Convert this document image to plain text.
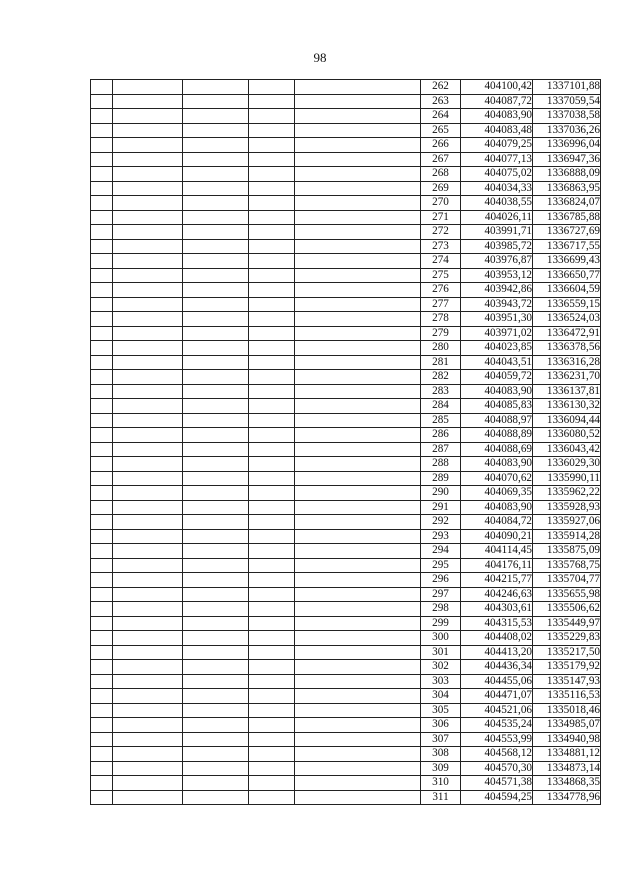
98
					262	404100,42	1337101,88
					263	404087,72	1337059,54
					264	404083,90	1337038,58
					265	404083,48	1337036,26
					266	404079,25	1336996,04
					267	404077,13	1336947,36
					268	404075,02	1336888,09
					269	404034,33	1336863,95
					270	404038,55	1336824,07
					271	404026,11	1336785,88
					272	403991,71	1336727,69
					273	403985,72	1336717,55
					274	403976,87	1336699,43
					275	403953,12	1336650,77
					276	403942,86	1336604,59
					277	403943,72	1336559,15
					278	403951,30	1336524,03
					279	403971,02	1336472,91
					280	404023,85	1336378,56
					281	404043,51	1336316,28
					282	404059,72	1336231,70
					283	404083,90	1336137,81
					284	404085,83	1336130,32
					285	404088,97	1336094,44
					286	404088,89	1336080,52
					287	404088,69	1336043,42
					288	404083,90	1336029,30
					289	404070,62	1335990,11
					290	404069,35	1335962,22
					291	404083,90	1335928,93
					292	404084,72	1335927,06
					293	404090,21	1335914,28
					294	404114,45	1335875,09
					295	404176,11	1335768,75
					296	404215,77	1335704,77
					297	404246,63	1335655,98
					298	404303,61	1335506,62
					299	404315,53	1335449,97
					300	404408,02	1335229,83
					301	404413,20	1335217,50
					302	404436,34	1335179,92
					303	404455,06	1335147,93
					304	404471,07	1335116,53
					305	404521,06	1335018,46
					306	404535,24	1334985,07
					307	404553,99	1334940,98
					308	404568,12	1334881,12
					309	404570,30	1334873,14
					310	404571,38	1334868,35
					311	404594,25	1334778,96
